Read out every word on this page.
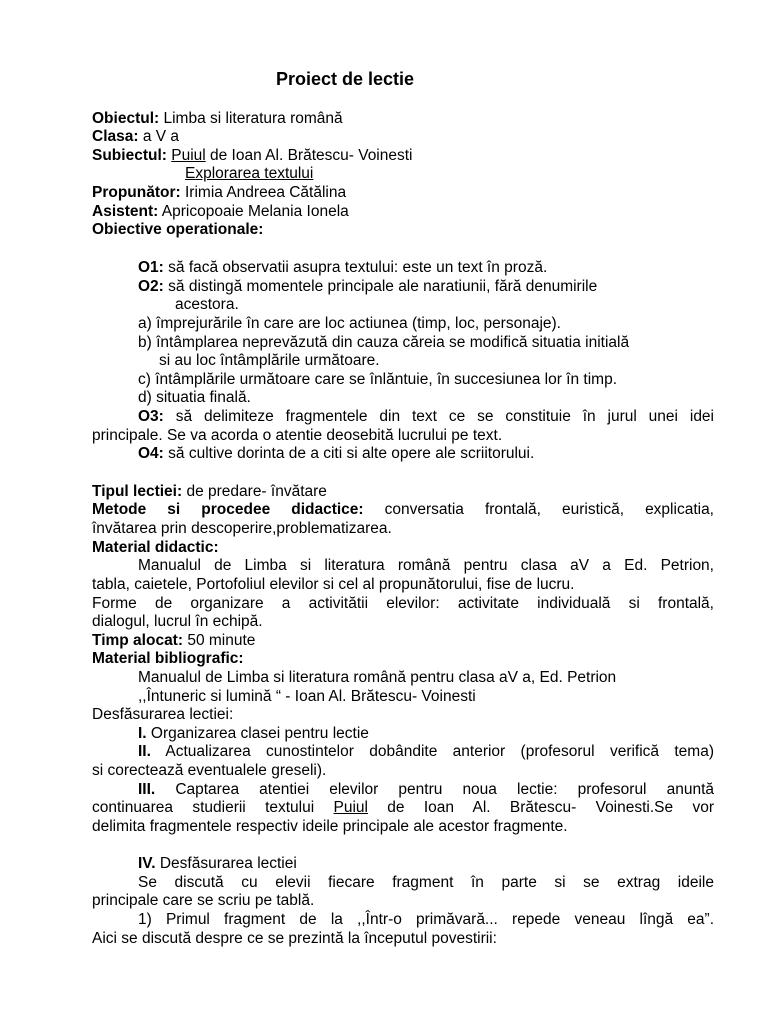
Proiect de lectie
Obiectul: Limba si literatura română
Clasa: a V a
Subiectul: Puiul de Ioan Al. Brătescu- Voinesti
Explorarea textului
Propunător: Irimia Andreea Cătălina
Asistent: Apricopoaie Melania Ionela
Obiective operationale:
O1: să facă observatii asupra textului: este un text în proză.
O2: să distingă momentele principale ale naratiunii, fără denumirile
acestora.
a) împrejurările în care are loc actiunea (timp, loc, personaje).
b) întâmplarea neprevăzută din cauza căreia se modifică situatia initială
si au loc întâmplările următoare.
c) întâmplările următoare care se înlăntuie, în succesiunea lor în timp.
d) situatia finală.
O3: să delimiteze fragmentele din text ce se constituie în jurul unei idei
principale. Se va acorda o atentie deosebită lucrului pe text.
O4: să cultive dorinta de a citi si alte opere ale scriitorului.
Tipul lectiei: de predare- învătare
Metode si procedee didactice: conversatia frontală, euristică, explicatia,
învătarea prin descoperire,problematizarea.
Material didactic:
Manualul de Limba si literatura română pentru clasa aV a Ed. Petrion,
tabla, caietele, Portofoliul elevilor si cel al propunătorului, fise de lucru.
Forme de organizare a activitătii elevilor: activitate individuală si frontală,
dialogul, lucrul în echipă.
Timp alocat: 50 minute
Material bibliografic:
Manualul de Limba si literatura română pentru clasa aV a, Ed. Petrion
,,Întuneric si lumină “ - Ioan Al. Brătescu- Voinesti
Desfăsurarea lectiei:
I. Organizarea clasei pentru lectie
II. Actualizarea cunostintelor dobândite anterior (profesorul verifică tema)
si corectează eventualele greseli).
III. Captarea atentiei elevilor pentru noua lectie: profesorul anuntă
continuarea studierii textului Puiul de Ioan Al. Brătescu- Voinesti.Se vor
delimita fragmentele respectiv ideile principale ale acestor fragmente.
IV. Desfăsurarea lectiei
Se discută cu elevii fiecare fragment în parte si se extrag ideile
principale care se scriu pe tablă.
1) Primul fragment de la ,,Într-o primăvară... repede veneau lîngă ea”.
Aici se discută despre ce se prezintă la începutul povestirii:
